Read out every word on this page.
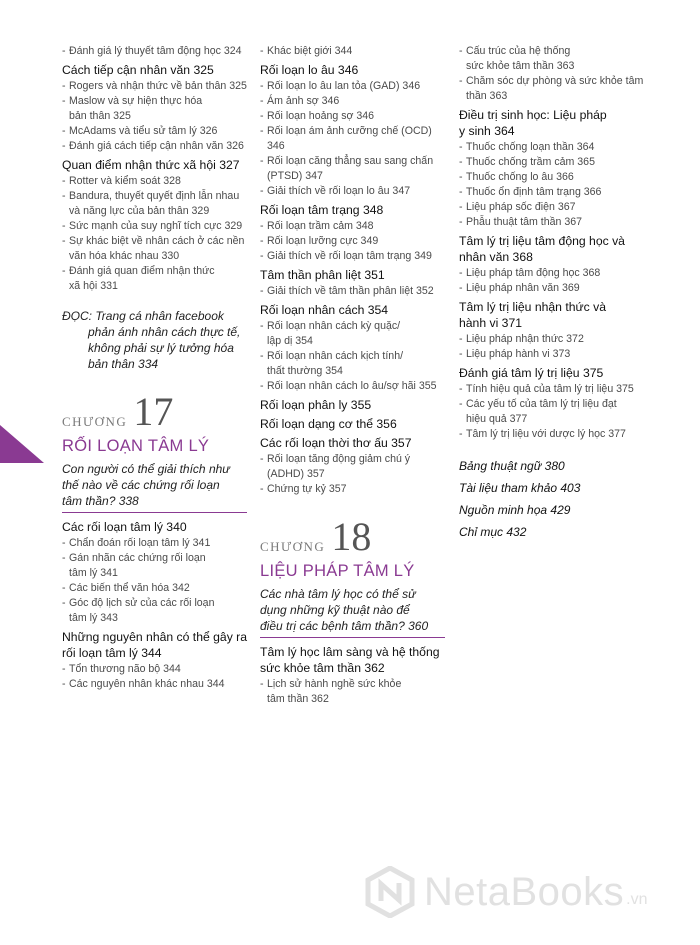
10
- Đánh giá lý thuyết tâm động học 324
Cách tiếp cận nhân văn 325
- Rogers và nhận thức về bản thân 325
- Maslow và sự hiện thực hóa
bản thân 325
- McAdams và tiểu sử tâm lý 326
- Đánh giá cách tiếp cận nhân văn 326
Quan điểm nhận thức xã hội 327
- Rotter và kiểm soát 328
- Bandura, thuyết quyết định lẫn nhau
và năng lực của bản thân 329
- Sức mạnh của suy nghĩ tích cực 329
- Sự khác biệt về nhân cách ở các nền
văn hóa khác nhau 330
- Đánh giá quan điểm nhận thức
xã hội 331
ĐỌC: Trang cá nhân facebook
phản ánh nhân cách thực tế,
không phải sự lý tưởng hóa
bản thân 334
CHƯƠNG 17
RỐI LOẠN TÂM LÝ
Con người có thể giải thích như
thế nào về các chứng rối loạn
tâm thần? 338
Các rối loạn tâm lý 340
- Chẩn đoán rối loạn tâm lý 341
- Gán nhãn các chứng rối loạn
tâm lý 341
- Các biến thể văn hóa 342
- Góc độ lịch sử của các rối loạn
tâm lý 343
Những nguyên nhân có thể gây ra
rối loạn tâm lý 344
- Tổn thương não bộ 344
- Các nguyên nhân khác nhau 344
- Khác biệt giới 344
Rối loạn lo âu 346
- Rối loạn lo âu lan tỏa (GAD) 346
- Ám ảnh sợ 346
- Rối loạn hoảng sợ 346
- Rối loạn ám ảnh cưỡng chế (OCD) 346
- Rối loạn căng thẳng sau sang chấn
(PTSD) 347
- Giải thích về rối loạn lo âu 347
Rối loạn tâm trạng 348
- Rối loạn trầm cảm 348
- Rối loạn lưỡng cực 349
- Giải thích về rối loạn tâm trạng 349
Tâm thần phân liệt 351
- Giải thích về tâm thần phân liệt 352
Rối loạn nhân cách 354
- Rối loạn nhân cách kỳ quặc/
lập dị 354
- Rối loạn nhân cách kịch tính/
thất thường 354
- Rối loạn nhân cách lo âu/sợ hãi 355
Rối loạn phân ly 355
Rối loạn dạng cơ thể 356
Các rối loạn thời thơ ấu 357
- Rối loạn tăng động giảm chú ý
(ADHD) 357
- Chứng tự kỷ 357
CHƯƠNG 18
LIỆU PHÁP TÂM LÝ
Các nhà tâm lý học có thể sử
dụng những kỹ thuật nào để
điều trị các bệnh tâm thần? 360
Tâm lý học lâm sàng và hệ thống
sức khỏe tâm thần 362
- Lịch sử hành nghề sức khỏe
tâm thần 362
- Cấu trúc của hệ thống
sức khỏe tâm thần 363
- Chăm sóc dự phòng và sức khỏe tâm
thần 363
Điều trị sinh học: Liệu pháp
y sinh 364
- Thuốc chống loạn thần 364
- Thuốc chống trầm cảm 365
- Thuốc chống lo âu 366
- Thuốc ổn định tâm trạng 366
- Liệu pháp sốc điện 367
- Phẫu thuật tâm thần 367
Tâm lý trị liệu tâm động học và
nhân văn 368
- Liệu pháp tâm động học 368
- Liệu pháp nhân văn 369
Tâm lý trị liệu nhận thức và
hành vi 371
- Liệu pháp nhận thức 372
- Liệu pháp hành vi 373
Đánh giá tâm lý trị liệu 375
- Tính hiệu quả của tâm lý trị liệu 375
- Các yếu tố của tâm lý trị liệu đạt
hiệu quả 377
- Tâm lý trị liệu với dược lý học 377
Bảng thuật ngữ 380
Tài liệu tham khảo 403
Nguồn minh họa 429
Chỉ mục 432
NetaBooks .vn
